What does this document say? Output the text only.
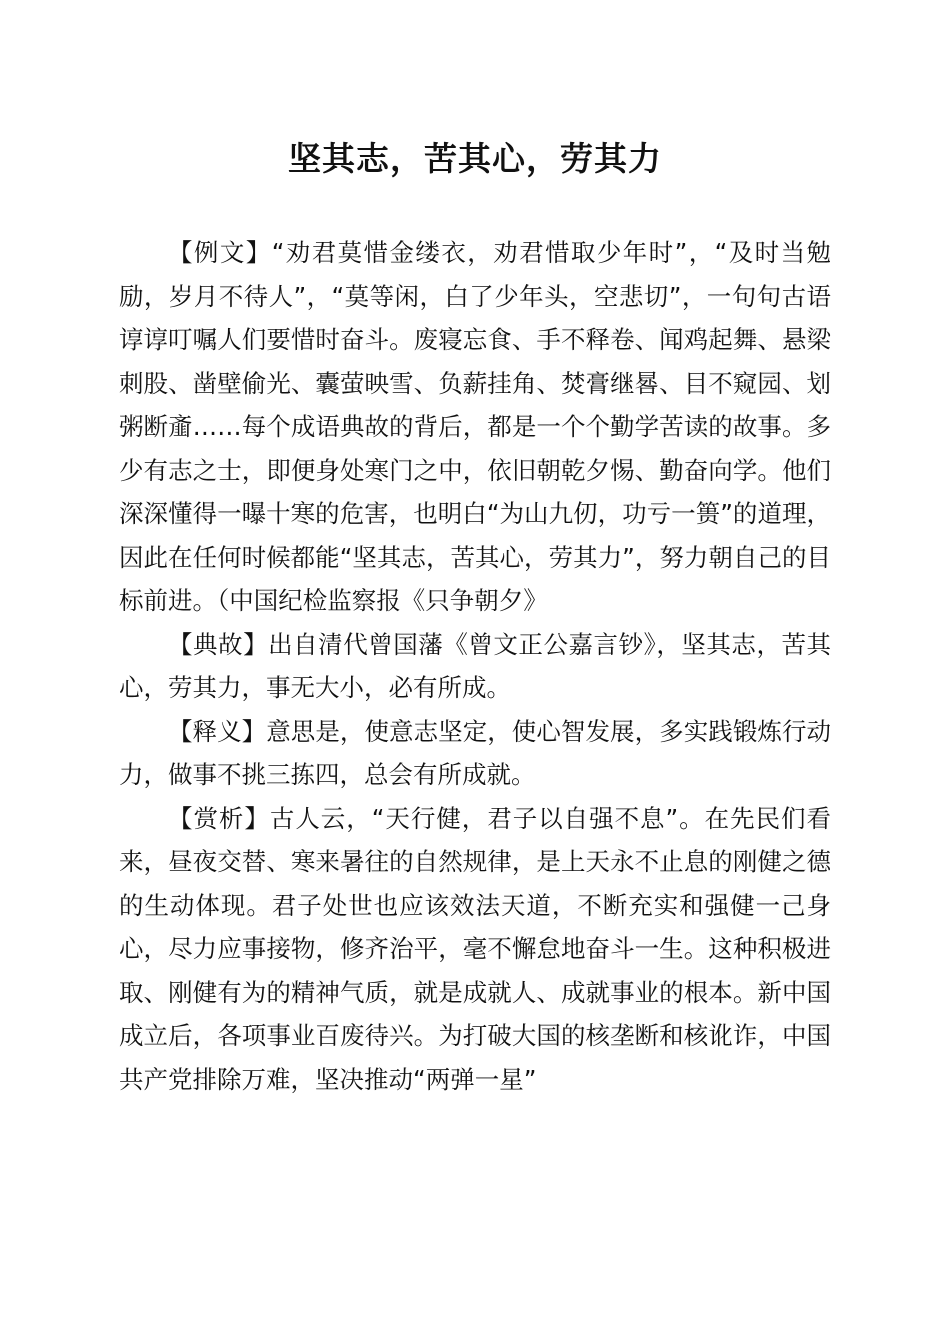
坚其志，苦其心，劳其力

【例文】“劝君莫惜金缕衣，劝君惜取少年时”，“及时当勉励，岁月不待人”，“莫等闲，白了少年头，空悲切”，一句句古语谆谆叮嘱人们要惜时奋斗。废寝忘食、手不释卷、闻鸡起舞、悬梁刺股、凿壁偷光、囊萤映雪、负薪挂角、焚膏继晷、目不窥园、划粥断齑……每个成语典故的背后，都是一个个勤学苦读的故事。多少有志之士，即便身处寒门之中，依旧朝乾夕惕、勤奋向学。他们深深懂得一曝十寒的危害，也明白“为山九仞，功亏一篑”的道理，因此在任何时候都能“坚其志，苦其心，劳其力”，努力朝自己的目标前进。（中国纪检监察报《只争朝夕》

【典故】出自清代曾国藩《曾文正公嘉言钞》，坚其志，苦其心，劳其力，事无大小，必有所成。

【释义】意思是，使意志坚定，使心智发展，多实践锻炼行动力，做事不挑三拣四，总会有所成就。

【赏析】古人云，“天行健，君子以自强不息”。在先民们看来，昼夜交替、寒来暑往的自然规律，是上天永不止息的刚健之德的生动体现。君子处世也应该效法天道，不断充实和强健一己身心，尽力应事接物，修齐治平，毫不懈怠地奋斗一生。这种积极进取、刚健有为的精神气质，就是成就人、成就事业的根本。新中国成立后，各项事业百废待兴。为打破大国的核垄断和核讹诈，中国共产党排除万难，坚决推动“两弹一星”
